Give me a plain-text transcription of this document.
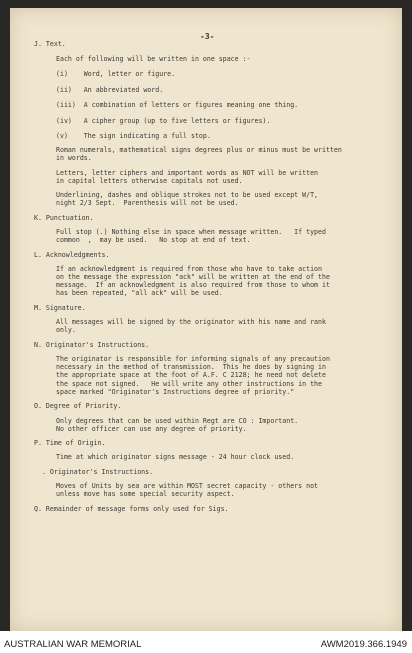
-3-
J. Text.
Each of following will be written in one space :-
(i)    Word, letter or figure.
(ii)   An abbreviated word.
(iii)  A combination of letters or figures meaning one thing.
(iv)   A cipher group (up to five letters or figures).
(v)    The sign indicating a full stop.
Roman numerals, mathematical signs degrees plus or minus must be written
in words.
Letters, letter ciphers and important words as NOT will be written
in capital letters otherwise capitals not used.
Underlining, dashes and oblique strokes not to be used except W/T,
night 2/3 Sept.  Parenthesis will not be used.
K. Punctuation.
Full stop (.) Nothing else in space when message written.   If typed
common  ,  may be used.   No stop at end of text.
L. Acknowledgments.
If an acknowledgment is required from those who have to take action
on the message the expression "ack" will be written at the end of the
message.  If an acknowledgment is also required from those to whom it
has been repeated, "all ack" will be used.
M. Signature.
All messages will be signed by the originator with his name and rank
only.
N. Originator's Instructions.
The originator is responsible for informing signals of any precaution
necessary in the method of transmission.  This he does by signing in
the appropriate space at the foot of A.F. C 2128; he need not delete
the space not signed.   He will write any other instructions in the
space marked "Originator's Instructions degree of priority."
O. Degree of Priority.
Only degrees that can be used within Regt are CO : Important.
No other officer can use any degree of priority.
P. Time of Origin.
Time at which originator signs message - 24 hour clock used.
. Originator's Instructions.
Moves of Units by sea are within MOST secret capacity - others not
unless move has some special security aspect.
Q. Remainder of message forms only used for Sigs.
AUSTRALIAN WAR MEMORIAL	AWM2019.366.1949
